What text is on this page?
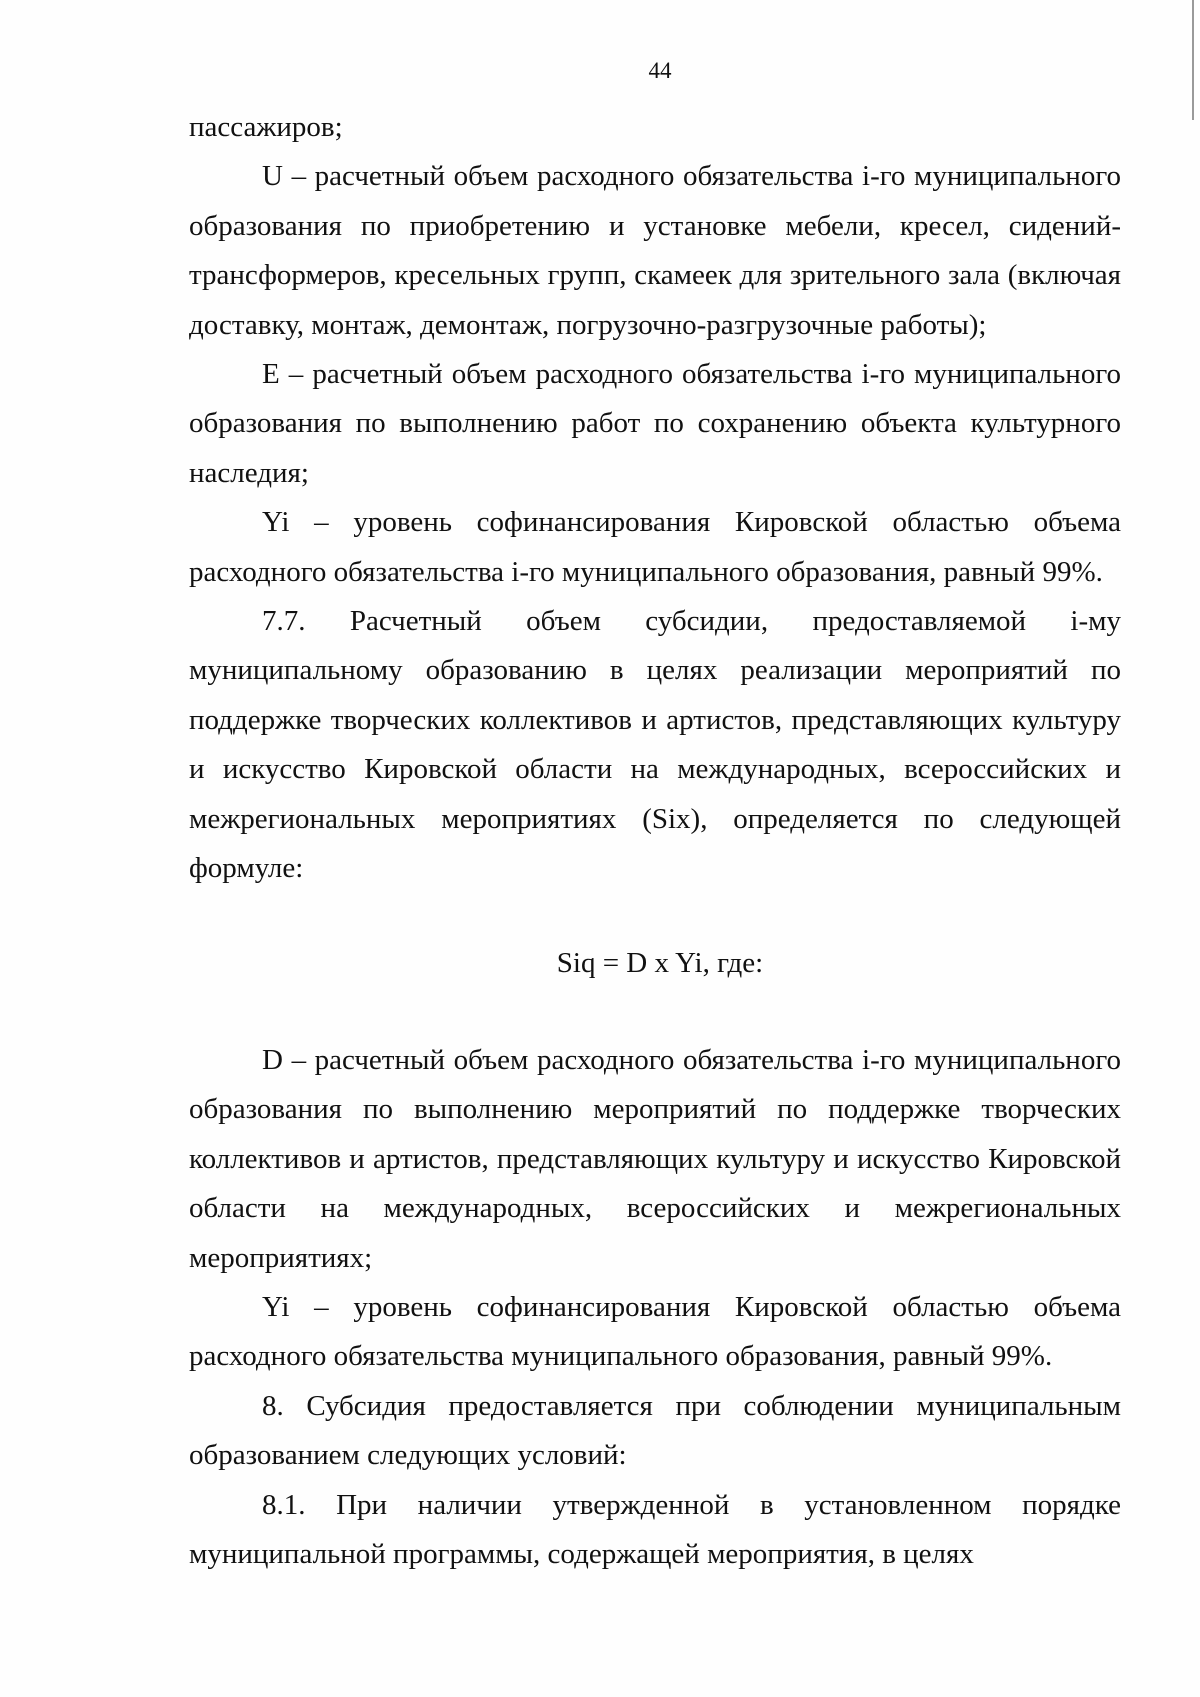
44

пассажиров;

U – расчетный объем расходного обязательства i-го муниципального образования по приобретению и установке мебели, кресел, сидений-трансформеров, кресельных групп, скамеек для зрительного зала (включая доставку, монтаж, демонтаж, погрузочно-разгрузочные работы);

E – расчетный объем расходного обязательства i-го муниципального образования по выполнению работ по сохранению объекта культурного наследия;

Yi – уровень софинансирования Кировской областью объема расходного обязательства i-го муниципального образования, равный 99%.

7.7. Расчетный объем субсидии, предоставляемой i-му муниципальному образованию в целях реализации мероприятий по поддержке творческих коллективов и артистов, представляющих культуру и искусство Кировской области на международных, всероссийских и межрегиональных мероприятиях (Six), определяется по следующей формуле:

Siq = D x Yi, где:

D – расчетный объем расходного обязательства i-го муниципального образования по выполнению мероприятий по поддержке творческих коллективов и артистов, представляющих культуру и искусство Кировской области на международных, всероссийских и межрегиональных мероприятиях;

Yi – уровень софинансирования Кировской областью объема расходного обязательства муниципального образования, равный 99%.

8. Субсидия предоставляется при соблюдении муниципальным образованием следующих условий:

8.1. При наличии утвержденной в установленном порядке муниципальной программы, содержащей мероприятия, в целях
